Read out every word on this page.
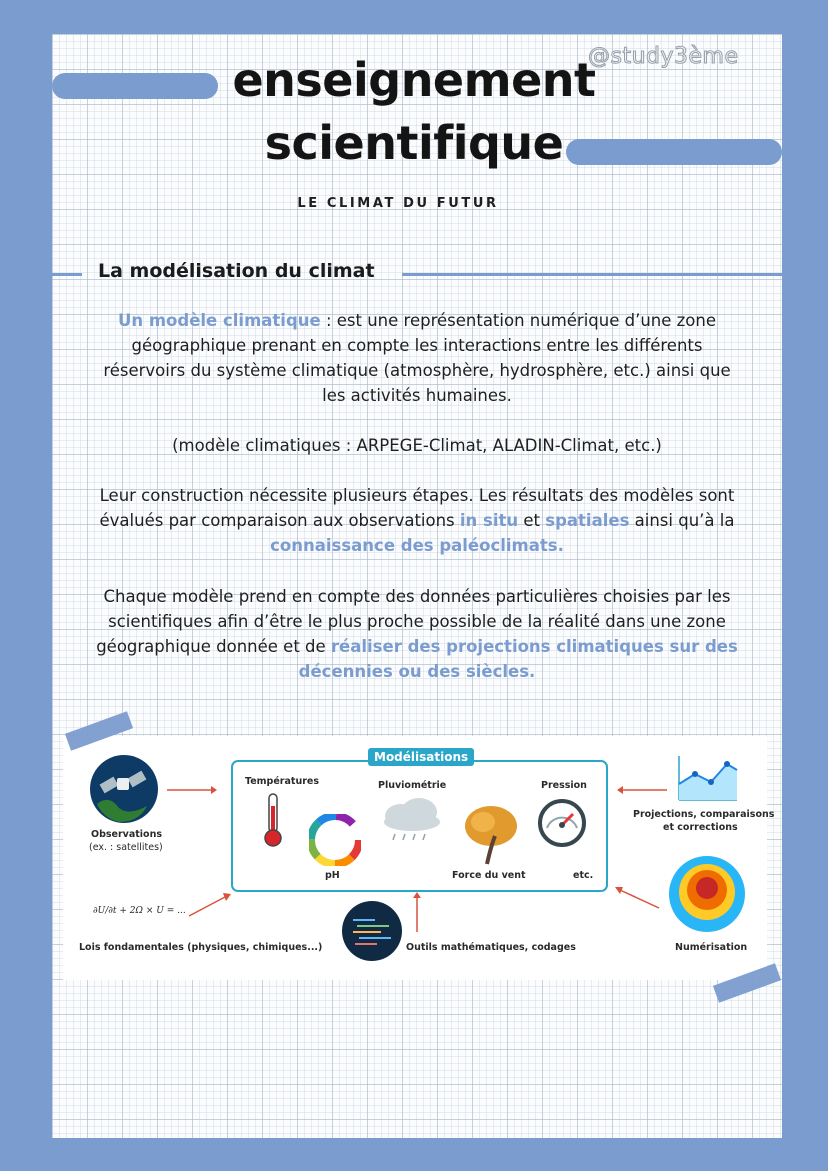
@study3ème
enseignement
scientifique
LE CLIMAT DU FUTUR
La modélisation du climat
Un modèle climatique : est une représentation numérique d’une zone
géographique prenant en compte les interactions entre les différents
réservoirs du système climatique (atmosphère, hydrosphère, etc.) ainsi que
les activités humaines.
(modèle climatiques : ARPEGE-Climat, ALADIN-Climat, etc.)
Leur construction nécessite plusieurs étapes. Les résultats des modèles sont
évalués par comparaison aux observations in situ et spatiales ainsi qu’à la
connaissance des paléoclimats.
Chaque modèle prend en compte des données particulières choisies par les
scientifiques afin d’être le plus proche possible de la réalité dans une zone
géographique donnée et de réaliser des projections climatiques sur des
décennies ou des siècles.
Modélisations
Températures
pH
Pluviométrie
Force du vent
Pression
etc.
Observations
(ex. : satellites)
Projections, comparaisons
et corrections
∂U/∂t + 2Ω × U = ...
Lois fondamentales (physiques, chimiques...)	Outils mathématiques, codages	Numérisation
